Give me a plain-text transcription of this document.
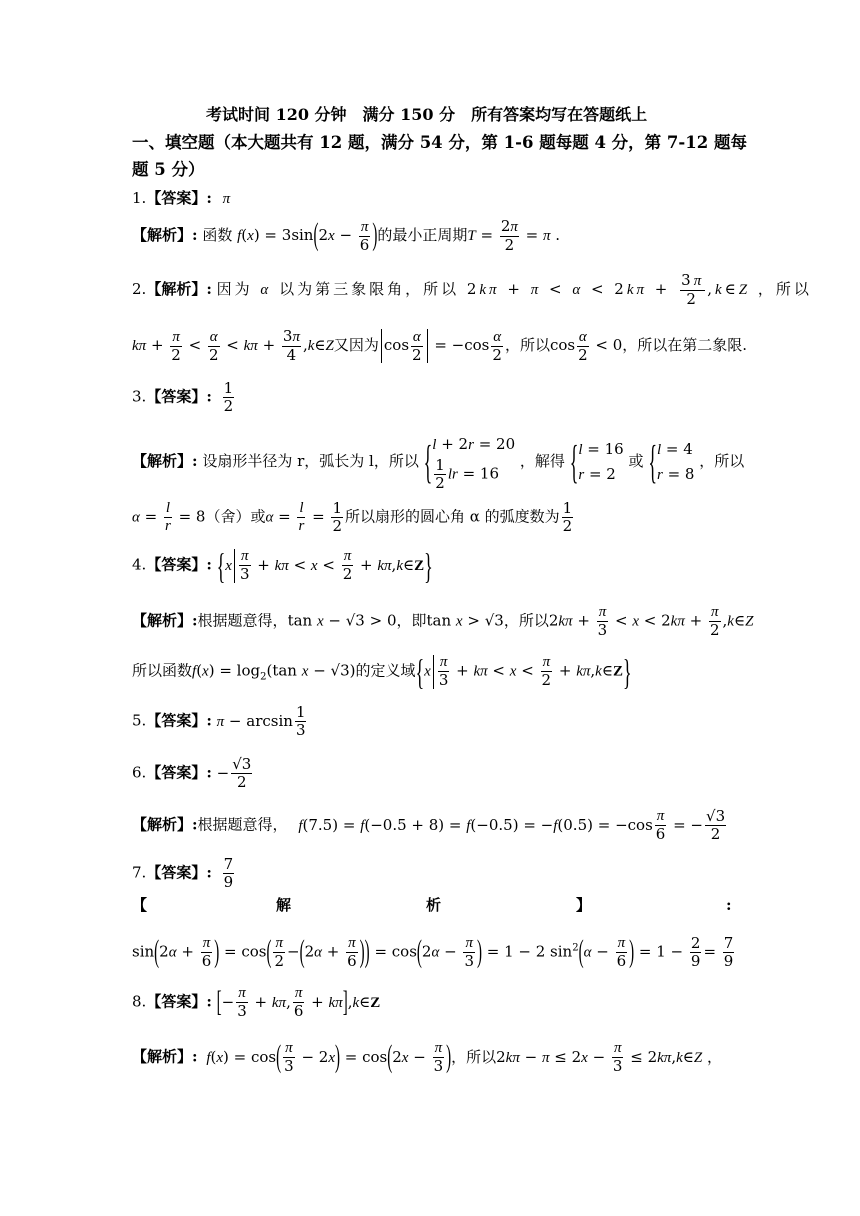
考试时间 120 分钟　满分 150 分　所有答案均写在答题纸上
一、填空题（本大题共有 12 题，满分 54 分，第 1-6 题每题 4 分，第 7-12 题每
题 5 分）
1.【答案】: π
【解析】: 函数 $f(x) = 3\sin(2x - \frac{\pi}{6}$ )的最小正周期$T = \frac{2\pi}{2} = \pi$ .
2.【解析】: 因为 α 以为第三象限角，所以 $2k\pi + \pi < \alpha < 2k\pi + \frac{3\pi}{2}$ ,k∈Z ，所以
$k\pi + \frac{\pi}{2} < \frac{\alpha}{2} < k\pi + \frac{3\pi}{4}$ ,k∈Z又因为 $\cos \frac{\alpha}{2} = -\cos \frac{\alpha}{2}$ ，所以$\cos \frac{\alpha}{2} < 0$，所以在第二象限.
3.【答案】: $\frac{1}{2}$
【解析】: 设扇形半径为 r，弧长为 l，所以 { l + 2r = 20
$\frac{1}{2}$ lr = 16
，解得 { l = 16
r = 2
或 { l = 4
r = 8
，所以
$\alpha = \frac{l}{r} = 8$（舍）或$\alpha = \frac{l}{r} = \frac{1}{2}$ 所以扇形的圆心角 α 的弧度数为 $\frac{1}{2}$
4.【答案】: {$x \frac{\pi}{3} + k\pi < x < \frac{\pi}{2}$ + kπ,k∈Z}
【解析】:根据题意得，tan x − √3 > 0，即tan x > √3，所以$2k\pi + \frac{\pi}{3} < x < 2k\pi + \frac{\pi}{2}$ ,k∈Z
所以函数$f(x) = \log_2(\tan$ x − √3)的定义域{$x \frac{\pi}{3} + k\pi < x < \frac{\pi}{2}$ + kπ,k∈Z}
5.【答案】: $\pi - \arcsin \frac{1}{3}$
6.【答案】: − $\frac{√3}{2}$
【解析】:根据题意得， $f(7.5) = f(-0.5 + 8) = f(-0.5) = -f(0.5) = -\cos \frac{\pi}{6}$ = − $\frac{√3}{2}$
7.【答案】: $\frac{7}{9}$
【	解	析	】	:
$\sin(2\alpha + \frac{\pi}{6}$ ) = $\cos( \frac{\pi}{2} -(2\alpha + \frac{\pi}{6}$ )) = $\cos(2\alpha - \frac{\pi}{3}$ ) = 1 − 2 $\sin^2(\alpha - \frac{\pi}{6}$ ) = $1 - \frac{2}{9} = \frac{7}{9}$
8.【答案】: [− $\frac{\pi}{3} + k\pi$, $\frac{\pi}{6}$ + kπ],k∈Z
【解析】: $f(x) = \cos( \frac{\pi}{3} - 2x) = \cos(2x - \frac{\pi}{3}$ )，所以$2k\pi - \pi \le 2x - \frac{\pi}{3}$ ≤ 2kπ,k∈Z ，
